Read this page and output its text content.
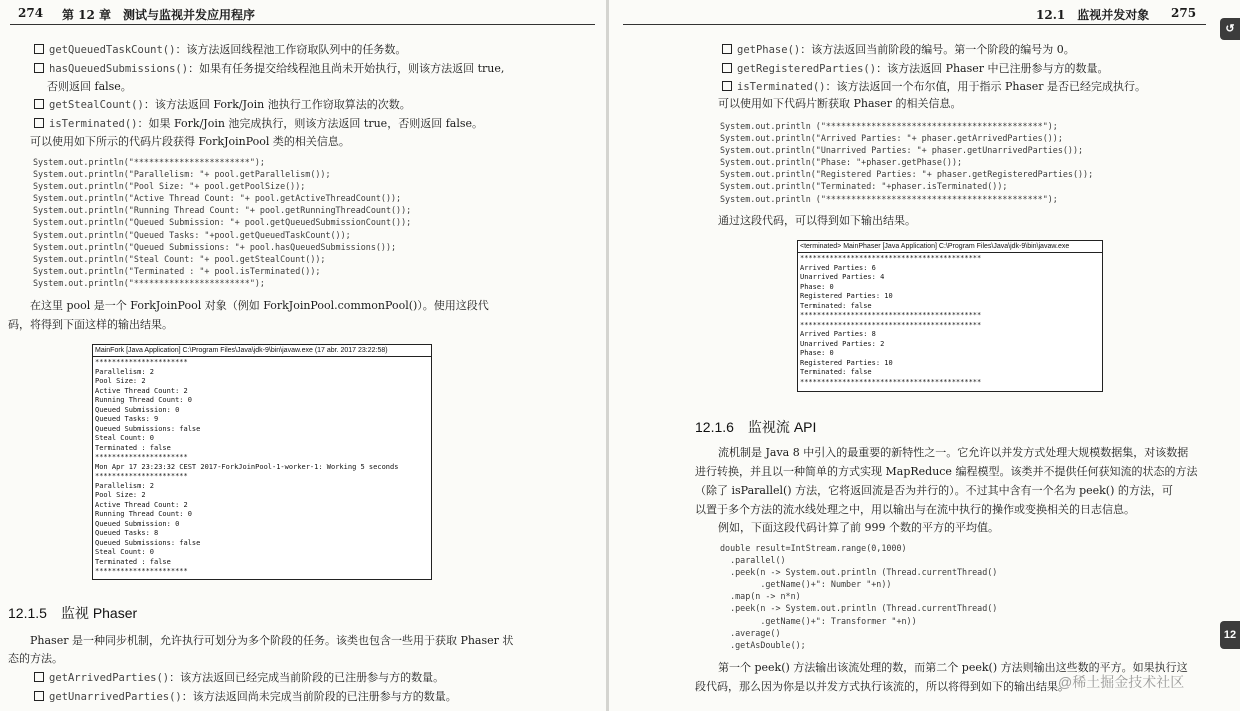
274 第 12 章　测试与监视并发应用程序
getQueuedTaskCount()：该方法返回线程池工作窃取队列中的任务数。
hasQueuedSubmissions()：如果有任务提交给线程池且尚未开始执行，则该方法返回 true,
否则返回 false。
getStealCount()：该方法返回 Fork/Join 池执行工作窃取算法的次数。
isTerminated()：如果 Fork/Join 池完成执行，则该方法返回 true，否则返回 false。
可以使用如下所示的代码片段获得 ForkJoinPool 类的相关信息。
System.out.println("***********************");
System.out.println("Parallelism: "+ pool.getParallelism());
System.out.println("Pool Size: "+ pool.getPoolSize());
System.out.println("Active Thread Count: "+ pool.getActiveThreadCount());
System.out.println("Running Thread Count: "+ pool.getRunningThreadCount());
System.out.println("Queued Submission: "+ pool.getQueuedSubmissionCount());
System.out.println("Queued Tasks: "+pool.getQueuedTaskCount());
System.out.println("Queued Submissions: "+ pool.hasQueuedSubmissions());
System.out.println("Steal Count: "+ pool.getStealCount());
System.out.println("Terminated : "+ pool.isTerminated());
System.out.println("***********************");
在这里 pool 是一个 ForkJoinPool 对象（例如 ForkJoinPool.commonPool()）。使用这段代
码，将得到下面这样的输出结果。
MainFork [Java Application] C:\Program Files\Java\jdk-9\bin\javaw.exe (17 abr. 2017 23:22:58)
**********************
Parallelism: 2
Pool Size: 2
Active Thread Count: 2
Running Thread Count: 0
Queued Submission: 0
Queued Tasks: 9
Queued Submissions: false
Steal Count: 0
Terminated : false
**********************
Mon Apr 17 23:23:32 CEST 2017-ForkJoinPool-1-worker-1: Working 5 seconds
**********************
Parallelism: 2
Pool Size: 2
Active Thread Count: 2
Running Thread Count: 0
Queued Submission: 0
Queued Tasks: 8
Queued Submissions: false
Steal Count: 0
Terminated : false
**********************
12.1.5　监视 Phaser
Phaser 是一种同步机制，允许执行可划分为多个阶段的任务。该类也包含一些用于获取 Phaser 状
态的方法。
getArrivedParties()：该方法返回已经完成当前阶段的已注册参与方的数量。
getUnarrivedParties()：该方法返回尚未完成当前阶段的已注册参与方的数量。
12.1　监视并发对象 275
getPhase()：该方法返回当前阶段的编号。第一个阶段的编号为 0。
getRegisteredParties()：该方法返回 Phaser 中已注册参与方的数量。
isTerminated()：该方法返回一个布尔值，用于指示 Phaser 是否已经完成执行。
可以使用如下代码片断获取 Phaser 的相关信息。
System.out.println ("*******************************************");
System.out.println("Arrived Parties: "+ phaser.getArrivedParties());
System.out.println("Unarrived Parties: "+ phaser.getUnarrivedParties());
System.out.println("Phase: "+phaser.getPhase());
System.out.println("Registered Parties: "+ phaser.getRegisteredParties());
System.out.println("Terminated: "+phaser.isTerminated());
System.out.println ("*******************************************");
通过这段代码，可以得到如下输出结果。
<terminated> MainPhaser [Java Application] C:\Program Files\Java\jdk-9\bin\javaw.exe
*******************************************
Arrived Parties: 6
Unarrived Parties: 4
Phase: 0
Registered Parties: 10
Terminated: false
*******************************************
*******************************************
Arrived Parties: 8
Unarrived Parties: 2
Phase: 0
Registered Parties: 10
Terminated: false
*******************************************
12.1.6　监视流 API
流机制是 Java 8 中引入的最重要的新特性之一。它允许以并发方式处理大规模数据集，对该数据
进行转换，并且以一种简单的方式实现 MapReduce 编程模型。该类并不提供任何获知流的状态的方法
（除了 isParallel() 方法，它将返回流是否为并行的）。不过其中含有一个名为 peek() 的方法，可
以置于多个方法的流水线处理之中，用以输出与在流中执行的操作或变换相关的日志信息。
例如，下面这段代码计算了前 999 个数的平方的平均值。
double result=IntStream.range(0,1000)
.parallel()
.peek(n -> System.out.println (Thread.currentThread()
.getName()+": Number "+n))
.map(n -> n*n)
.peek(n -> System.out.println (Thread.currentThread()
.getName()+": Transformer "+n))
.average()
.getAsDouble();
第一个 peek() 方法输出该流处理的数，而第二个 peek() 方法则输出这些数的平方。如果执行这
段代码，那么因为你是以并发方式执行该流的，所以将得到如下的输出结果。
↺
12
@稀土掘金技术社区
